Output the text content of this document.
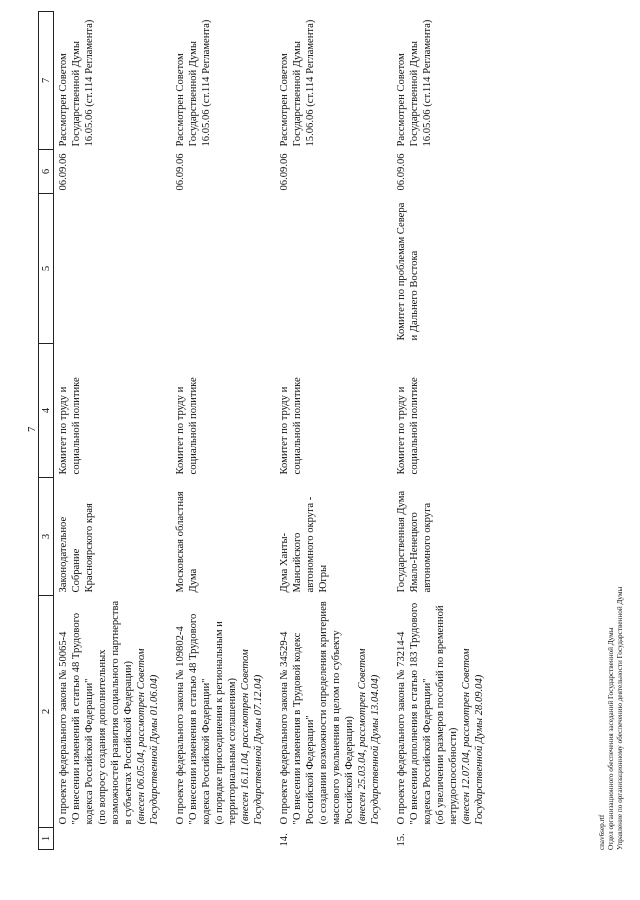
7
1	2	3	4	5	6	7

	О проекте федерального закона № 50065-4 "О внесении изменений в статью 48 Трудового кодекса Российской Федерации" (по вопросу создания дополнительных возможностей развития социального партнерства в субъектах Российской Федерации) (внесен 06.05.04, рассмотрен Советом Государственной Думы 01.06.04)	Законодательное Собрание Красноярского края	Комитет по труду и социальной политике		06.09.06	Рассмотрен Советом Государственной Думы 16.05.06 (ст.114 Регламента)

	О проекте федерального закона № 109802-4 "О внесении изменения в статью 48 Трудового кодекса Российской Федерации" (о порядке присоединения к региональным и территориальным соглашениям) (внесен 16.11.04, рассмотрен Советом Государственной Думы 07.12.04)	Московская областная Дума	Комитет по труду и социальной политике		06.09.06	Рассмотрен Советом Государственной Думы 16.05.06 (ст.114 Регламента)
14.	О проекте федерального закона № 34529-4 "О внесении изменения в Трудовой кодекс Российской Федерации" (о создании возможности определения критериев массового увольнения в целом по субъекту Российской Федерации) (внесен 25.03.04, рассмотрен Советом Государственной Думы 13.04.04)	Дума Ханты-Мансийского автономного округа - Югры	Комитет по труду и социальной политике		06.09.06	Рассмотрен Советом Государственной Думы 15.06.06 (ст.114 Регламента)
15.	О проекте федерального закона № 73214-4 "О внесении дополнения в статью 183 Трудового кодекса Российской Федерации" (об увеличении размеров пособий по временной нетрудоспособности) (внесен 12.07.04, рассмотрен Советом Государственной Думы 28.09.04)	Государственная Дума Ямало-Ненецкого автономного округа	Комитет по труду и социальной политике	Комитет по проблемам Севера и Дальнего Востока	06.09.06	Рассмотрен Советом Государственной Думы 16.05.06 (ст.114 Регламента)
cnav6sep.rtf Отдел организационного обеспечения заседаний Государственной Думы Управление по организационному обеспечению деятельности Государственной Думы
